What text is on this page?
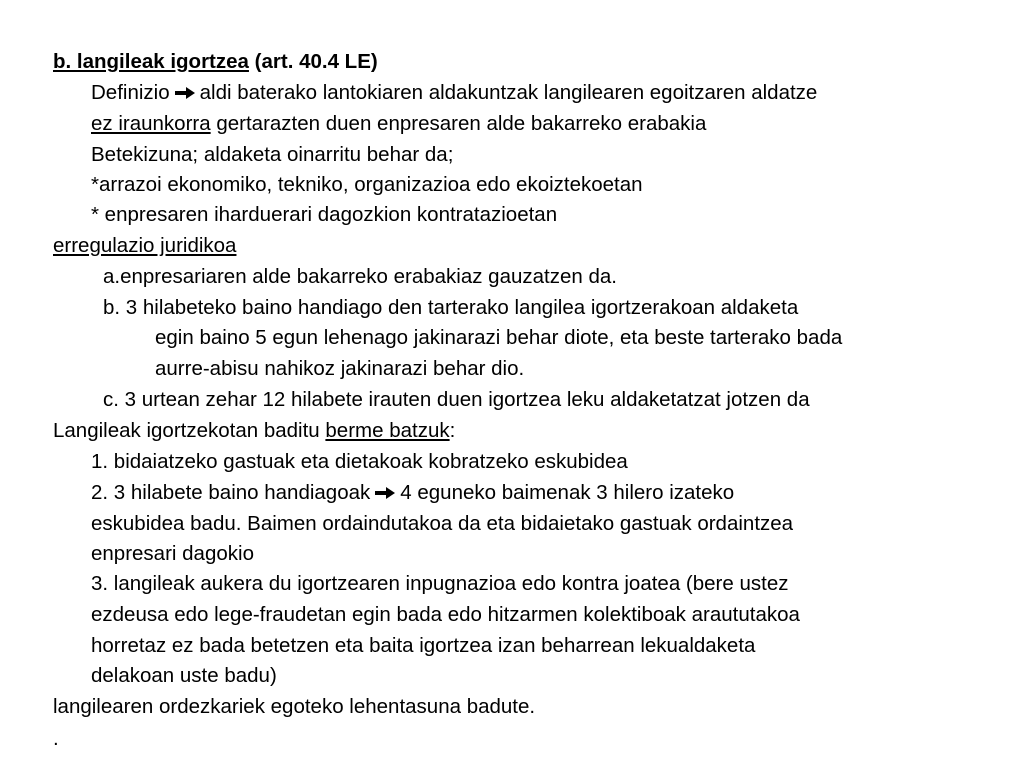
b. langileak igortzea (art. 40.4 LE)
Definizio aldi baterako lantokiaren aldakuntzak langilearen egoitzaren aldatze
ez iraunkorra gertarazten duen enpresaren alde bakarreko erabakia
Betekizuna; aldaketa oinarritu behar da;
*arrazoi ekonomiko, tekniko, organizazioa edo ekoiztekoetan
* enpresaren iharduerari dagozkion kontratazioetan
erregulazio juridikoa
a.enpresariaren alde bakarreko erabakiaz gauzatzen da.
b. 3 hilabeteko baino handiago den tarterako langilea igortzerakoan aldaketa
egin baino 5 egun lehenago jakinarazi behar diote, eta beste tarterako bada
aurre-abisu nahikoz jakinarazi behar dio.
c. 3 urtean zehar 12 hilabete irauten duen igortzea leku aldaketatzat jotzen da
Langileak igortzekotan baditu berme batzuk:
1. bidaiatzeko gastuak eta dietakoak kobratzeko eskubidea
2. 3 hilabete baino handiagoak 4 eguneko baimenak 3 hilero izateko
eskubidea badu. Baimen ordaindutakoa da eta bidaietako gastuak ordaintzea
enpresari dagokio
3. langileak aukera du igortzearen inpugnazioa edo kontra joatea (bere ustez
ezdeusa edo lege-fraudetan egin bada edo hitzarmen kolektiboak araututakoa
horretaz ez bada betetzen eta baita igortzea izan beharrean lekualdaketa
delakoan uste badu)
langilearen ordezkariek egoteko lehentasuna badute.
.
